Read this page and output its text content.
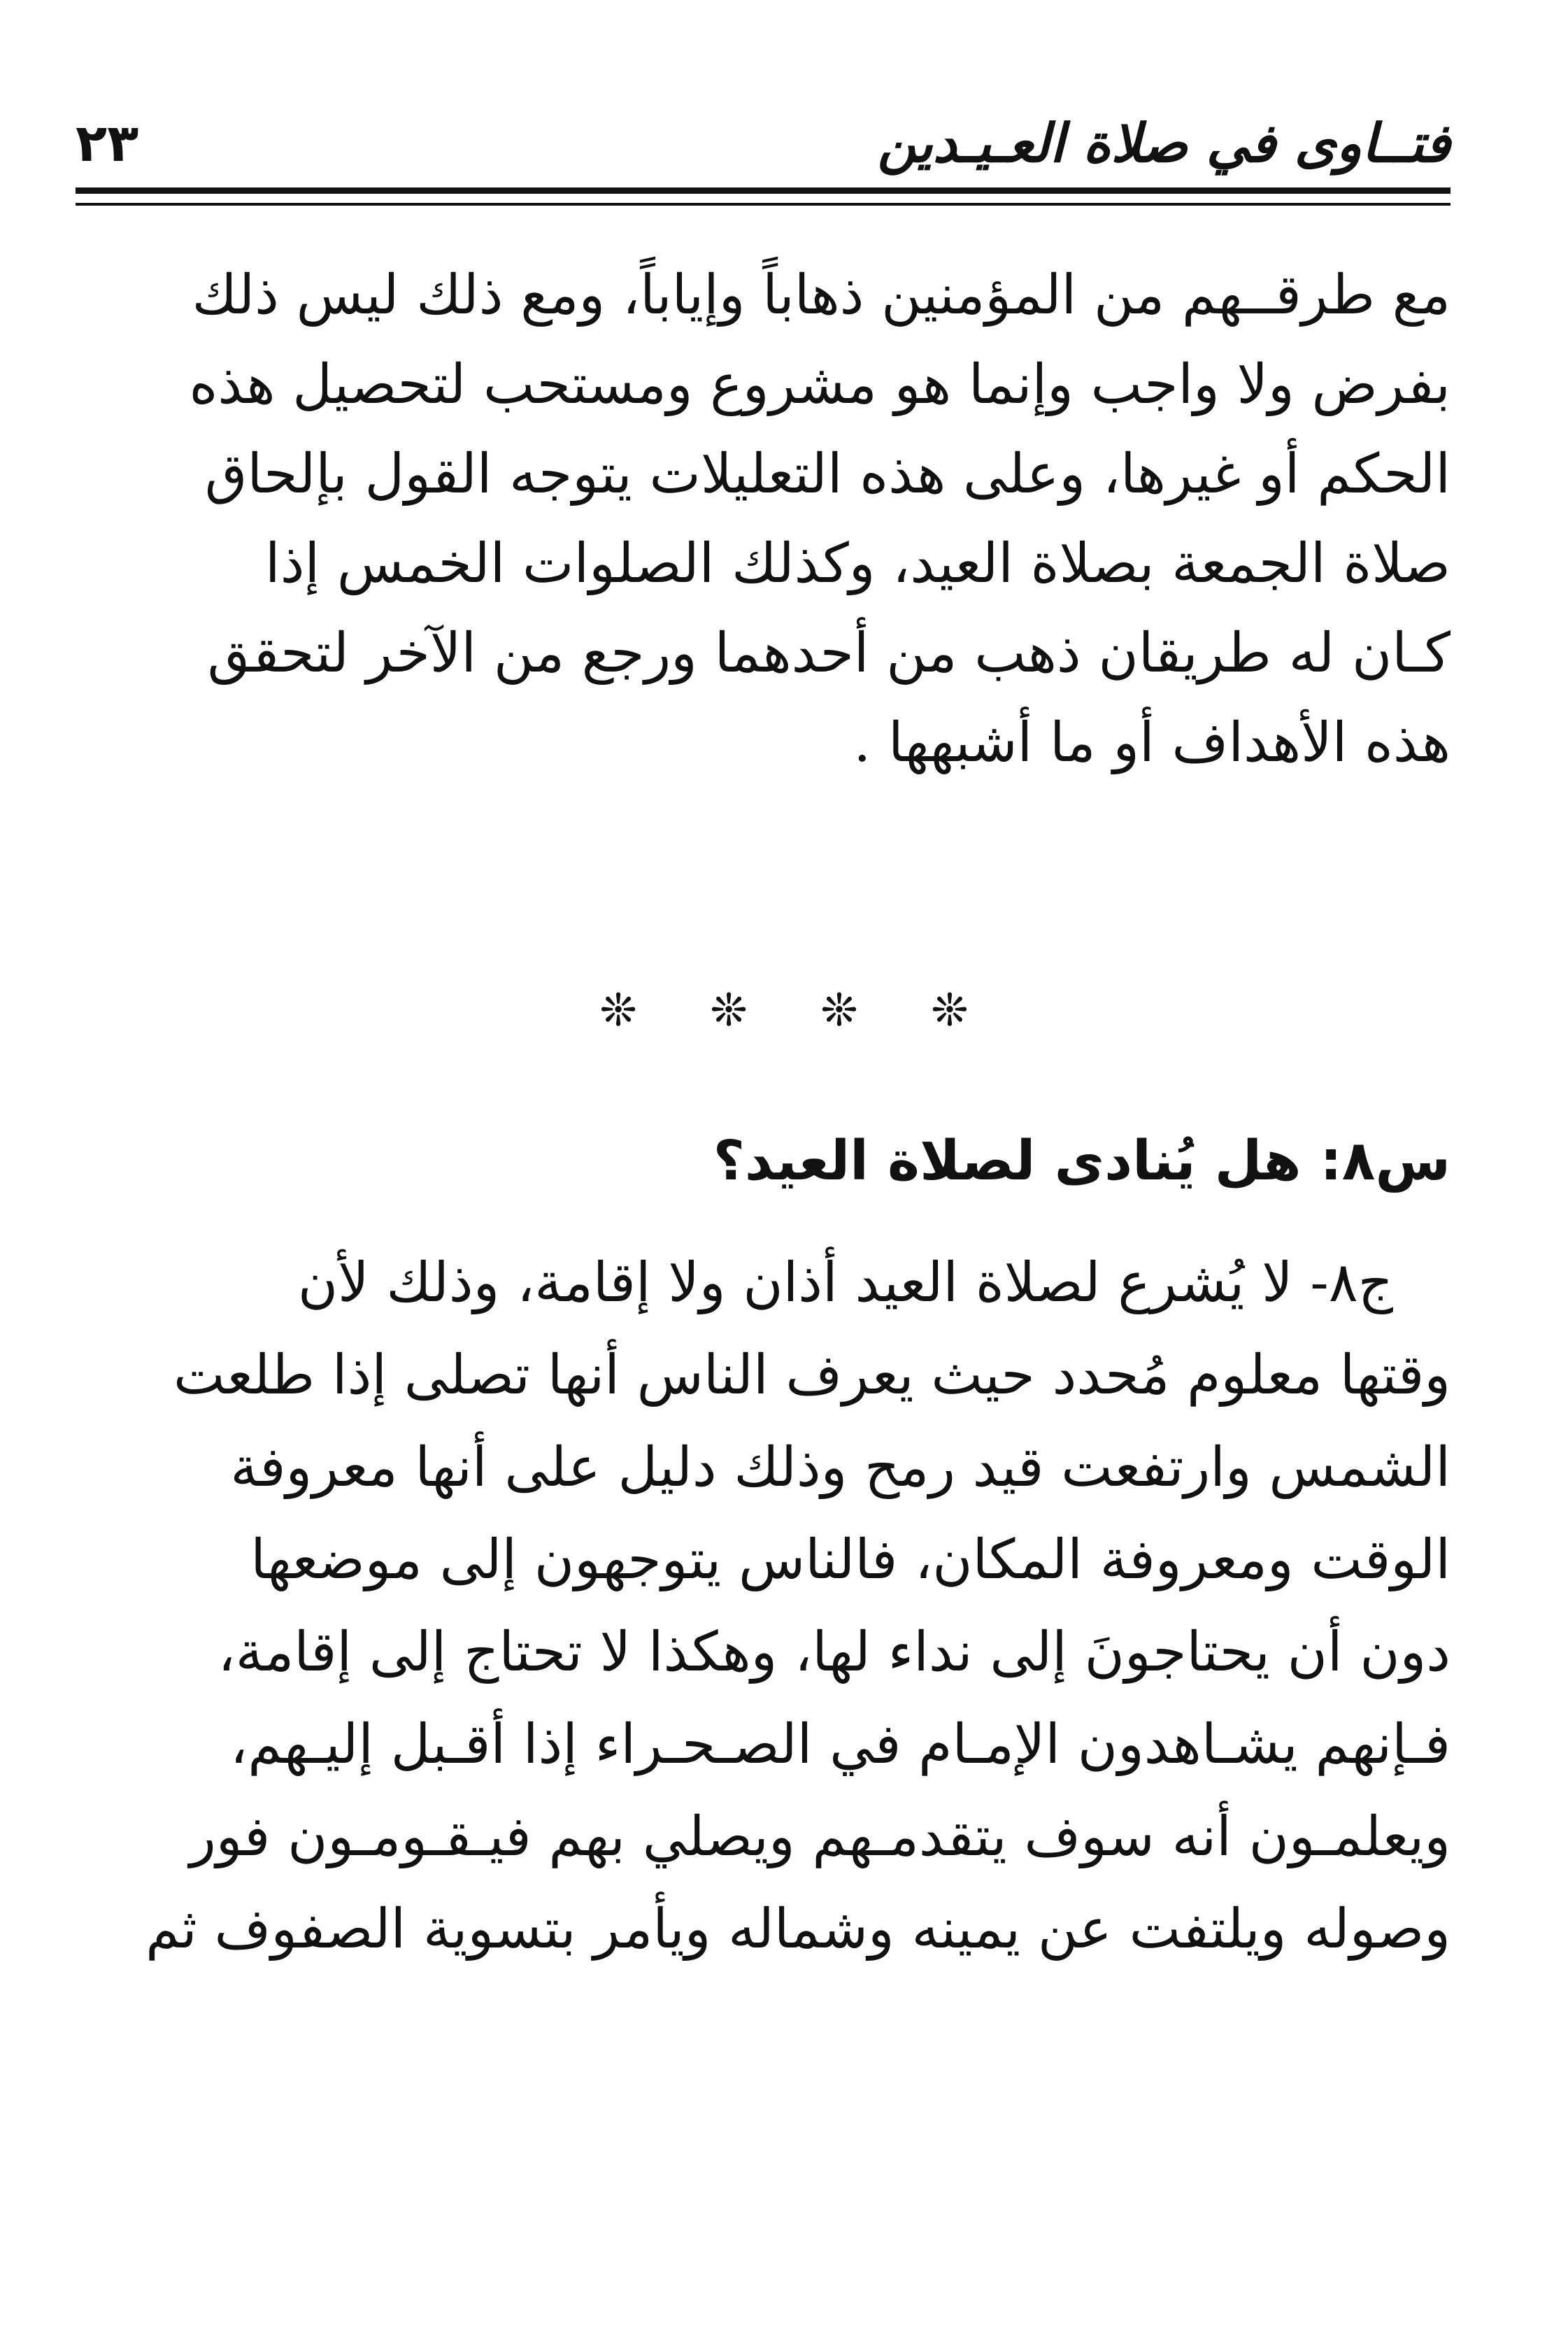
فتــاوى في صلاة العـيـدين
٢٣
مع طرقــهم من المؤمنين ذهاباً وإياباً، ومع ذلك ليس ذلك
بفرض ولا واجب وإنما هو مشروع ومستحب لتحصيل هذه
الحكم أو غيرها، وعلى هذه التعليلات يتوجه القول بإلحاق
صلاة الجمعة بصلاة العيد، وكذلك الصلوات الخمس إذا
كـان له طريقان ذهب من أحدهما ورجع من الآخر لتحقق
هذه الأهداف أو ما أشبهها .
❊ ❊ ❊ ❊
س٨: هل يُنادى لصلاة العيد؟
ج٨- لا يُشرع لصلاة العيد أذان ولا إقامة، وذلك لأن
وقتها معلوم مُحدد حيث يعرف الناس أنها تصلى إذا طلعت
الشمس وارتفعت قيد رمح وذلك دليل على أنها معروفة
الوقت ومعروفة المكان، فالناس يتوجهون إلى موضعها
دون أن يحتاجونَ إلى نداء لها، وهكذا لا تحتاج إلى إقامة،
فـإنهم يشـاهدون الإمـام في الصـحـراء إذا أقـبل إليـهم،
ويعلمـون أنه سوف يتقدمـهم ويصلي بهم فيـقـومـون فور
وصوله ويلتفت عن يمينه وشماله ويأمر بتسوية الصفوف ثم
